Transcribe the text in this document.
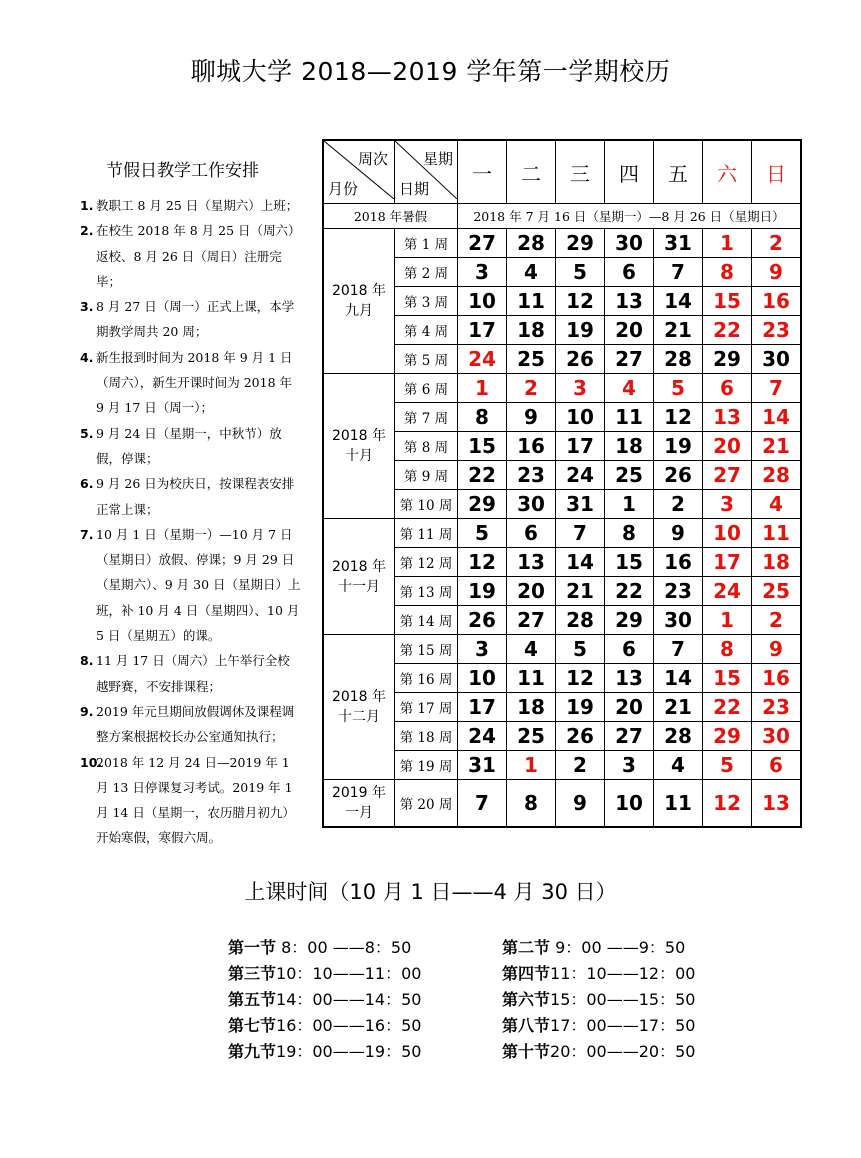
聊城大学 2018—2019 学年第一学期校历
节假日教学工作安排
1. 教职工 8 月 25 日（星期六）上班；
2. 在校生 2018 年 8 月 25 日（周六）返校、8 月 26 日（周日）注册完毕；
3. 8 月 27 日（周一）正式上课，本学期教学周共 20 周；
4. 新生报到时间为 2018 年 9 月 1 日（周六），新生开课时间为 2018 年 9 月 17 日（周一）；
5. 9 月 24 日（星期一，中秋节）放假，停课；
6. 9 月 26 日为校庆日，按课程表安排正常上课；
7. 10 月 1 日（星期一）—10 月 7 日（星期日）放假、停课；9 月 29 日（星期六）、9 月 30 日（星期日）上班，补 10 月 4 日（星期四）、10 月 5 日（星期五）的课。
8. 11 月 17 日（周六）上午举行全校越野赛，不安排课程；
9. 2019 年元旦期间放假调休及课程调整方案根据校长办公室通知执行；
10.
2018 年 12 月 24 日—2019 年 1 月 13 日停课复习考试。2019 年 1 月 14 日（星期一，农历腊月初九）开始寒假，寒假六周。
周次
月份	星期
日期	一	二	三	四	五	六	日
2018 年暑假		2018 年 7 月 16 日（星期一）—8 月 26 日（星期日）						

2018 年
九月	第 1 周	27	28	29	30	31	1	2
	第 2 周	3	4	5	6	7	8	9
	第 3 周	10	11	12	13	14	15	16
	第 4 周	17	18	19	20	21	22	23
	第 5 周	24	25	26	27	28	29	30

2018 年
十月	第 6 周	1	2	3	4	5	6	7
	第 7 周	8	9	10	11	12	13	14
	第 8 周	15	16	17	18	19	20	21
	第 9 周	22	23	24	25	26	27	28
	第 10 周	29	30	31	1	2	3	4

2018 年
十一月	第 11 周	5	6	7	8	9	10	11
	第 12 周	12	13	14	15	16	17	18
	第 13 周	19	20	21	22	23	24	25
	第 14 周	26	27	28	29	30	1	2

2018 年
十二月	第 15 周	3	4	5	6	7	8	9
	第 16 周	10	11	12	13	14	15	16
	第 17 周	17	18	19	20	21	22	23
	第 18 周	24	25	26	27	28	29	30
	第 19 周	31	1	2	3	4	5	6

2019 年
一月	第 20 周	7	8	9	10	11	12	13
上课时间（10 月 1 日——4 月 30 日）
第一节 8：00 ——8：50	第二节 9：00 ——9：50
第三节10：10——11：00	第四节11：10——12：00
第五节14：00——14：50	第六节15：00——15：50
第七节16：00——16：50	第八节17：00——17：50
第九节19：00——19：50	第十节20：00——20：50
